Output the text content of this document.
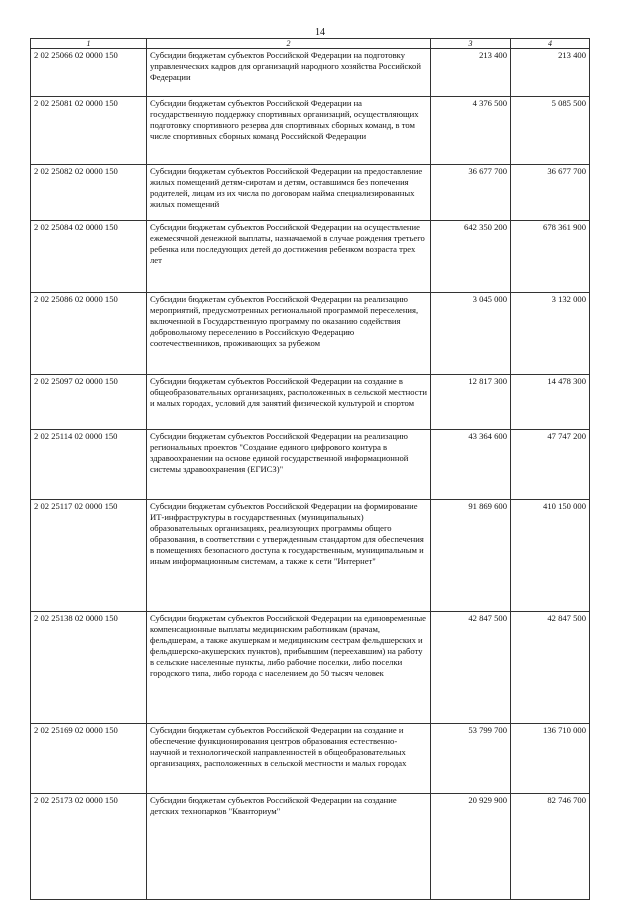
14
1	2	3	4
2 02 25066 02 0000 150	Субсидии бюджетам субъектов Российской Федерации на подготовку управленческих кадров для организаций народного хозяйства Российской Федерации	213 400	213 400
2 02 25081 02 0000 150	Субсидии бюджетам субъектов Российской Федерации на государственную поддержку спортивных организаций, осуществляющих подготовку спортивного резерва для спортивных сборных команд, в том числе спортивных сборных команд Российской Федерации	4 376 500	5 085 500
2 02 25082 02 0000 150	Субсидии бюджетам субъектов Российской Федерации на предоставление жилых помещений детям-сиротам и детям, оставшимся без попечения родителей, лицам из их числа по договорам найма специализированных жилых помещений	36 677 700	36 677 700
2 02 25084 02 0000 150	Субсидии бюджетам субъектов Российской Федерации на осуществление ежемесячной денежной выплаты, назначаемой в случае рождения третьего ребенка или последующих детей до достижения ребенком возраста трех лет	642 350 200	678 361 900
2 02 25086 02 0000 150	Субсидии бюджетам субъектов Российской Федерации на реализацию мероприятий, предусмотренных региональной программой переселения, включенной в Государственную программу по оказанию содействия добровольному переселению в Российскую Федерацию соотечественников, проживающих за рубежом	3 045 000	3 132 000
2 02 25097 02 0000 150	Субсидии бюджетам субъектов Российской Федерации на создание в общеобразовательных организациях, расположенных в сельской местности и малых городах, условий для занятий физической культурой и спортом	12 817 300	14 478 300
2 02 25114 02 0000 150	Субсидии бюджетам субъектов Российской Федерации на реализацию региональных проектов "Создание единого цифрового контура в здравоохранении на основе единой государственной информационной системы здравоохранения (ЕГИСЗ)"	43 364 600	47 747 200
2 02 25117 02 0000 150	Субсидии бюджетам субъектов Российской Федерации на формирование ИТ-инфраструктуры в государственных (муниципальных) образовательных организациях, реализующих программы общего образования, в соответствии с утвержденным стандартом для обеспечения в помещениях безопасного доступа к государственным, муниципальным и иным информационным системам, а также к сети "Интернет"	91 869 600	410 150 000
2 02 25138 02 0000 150	Субсидии бюджетам субъектов Российской Федерации на единовременные компенсационные выплаты медицинским работникам (врачам, фельдшерам, а также акушеркам и медицинским сестрам фельдшерских и фельдшерско-акушерских пунктов), прибывшим (переехавшим) на работу в сельские населенные пункты, либо рабочие поселки, либо поселки городского типа, либо города с населением до 50 тысяч человек	42 847 500	42 847 500
2 02 25169 02 0000 150	Субсидии бюджетам субъектов Российской Федерации на создание и обеспечение функционирования центров образования естественно-научной и технологической направленностей в общеобразовательных организациях, расположенных в сельской местности и малых городах	53 799 700	136 710 000
2 02 25173 02 0000 150	Субсидии бюджетам субъектов Российской Федерации на создание детских технопарков "Кванториум"	20 929 900	82 746 700
